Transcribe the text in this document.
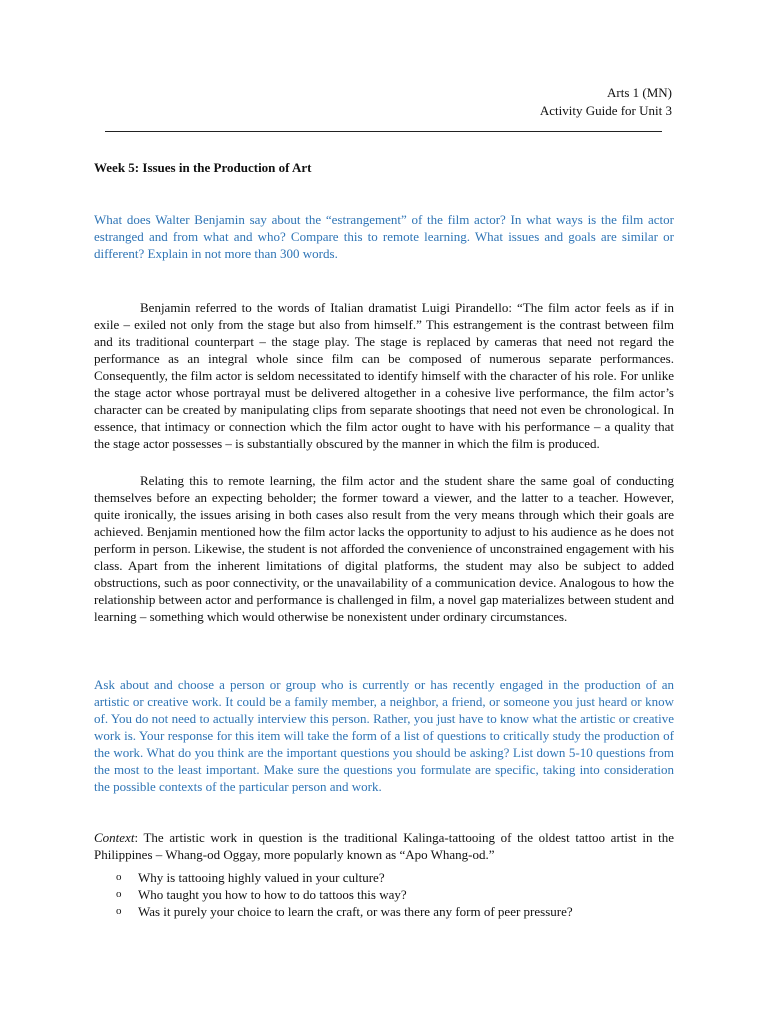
Arts 1 (MN)
Activity Guide for Unit 3
Week 5: Issues in the Production of Art
What does Walter Benjamin say about the “estrangement” of the film actor? In what ways is the film actor estranged and from what and who? Compare this to remote learning. What issues and goals are similar or different? Explain in not more than 300 words.
Benjamin referred to the words of Italian dramatist Luigi Pirandello: “The film actor feels as if in exile – exiled not only from the stage but also from himself.” This estrangement is the contrast between film and its traditional counterpart – the stage play. The stage is replaced by cameras that need not regard the performance as an integral whole since film can be composed of numerous separate performances. Consequently, the film actor is seldom necessitated to identify himself with the character of his role. For unlike the stage actor whose portrayal must be delivered altogether in a cohesive live performance, the film actor’s character can be created by manipulating clips from separate shootings that need not even be chronological. In essence, that intimacy or connection which the film actor ought to have with his performance – a quality that the stage actor possesses – is substantially obscured by the manner in which the film is produced.
Relating this to remote learning, the film actor and the student share the same goal of conducting themselves before an expecting beholder; the former toward a viewer, and the latter to a teacher. However, quite ironically, the issues arising in both cases also result from the very means through which their goals are achieved. Benjamin mentioned how the film actor lacks the opportunity to adjust to his audience as he does not perform in person. Likewise, the student is not afforded the convenience of unconstrained engagement with his class. Apart from the inherent limitations of digital platforms, the student may also be subject to added obstructions, such as poor connectivity, or the unavailability of a communication device. Analogous to how the relationship between actor and performance is challenged in film, a novel gap materializes between student and learning – something which would otherwise be nonexistent under ordinary circumstances.
Ask about and choose a person or group who is currently or has recently engaged in the production of an artistic or creative work. It could be a family member, a neighbor, a friend, or someone you just heard or know of. You do not need to actually interview this person. Rather, you just have to know what the artistic or creative work is. Your response for this item will take the form of a list of questions to critically study the production of the work. What do you think are the important questions you should be asking? List down 5-10 questions from the most to the least important. Make sure the questions you formulate are specific, taking into consideration the possible contexts of the particular person and work.
Context: The artistic work in question is the traditional Kalinga-tattooing of the oldest tattoo artist in the Philippines – Whang-od Oggay, more popularly known as “Apo Whang-od.”
o Why is tattooing highly valued in your culture?
o Who taught you how to how to do tattoos this way?
o Was it purely your choice to learn the craft, or was there any form of peer pressure?
